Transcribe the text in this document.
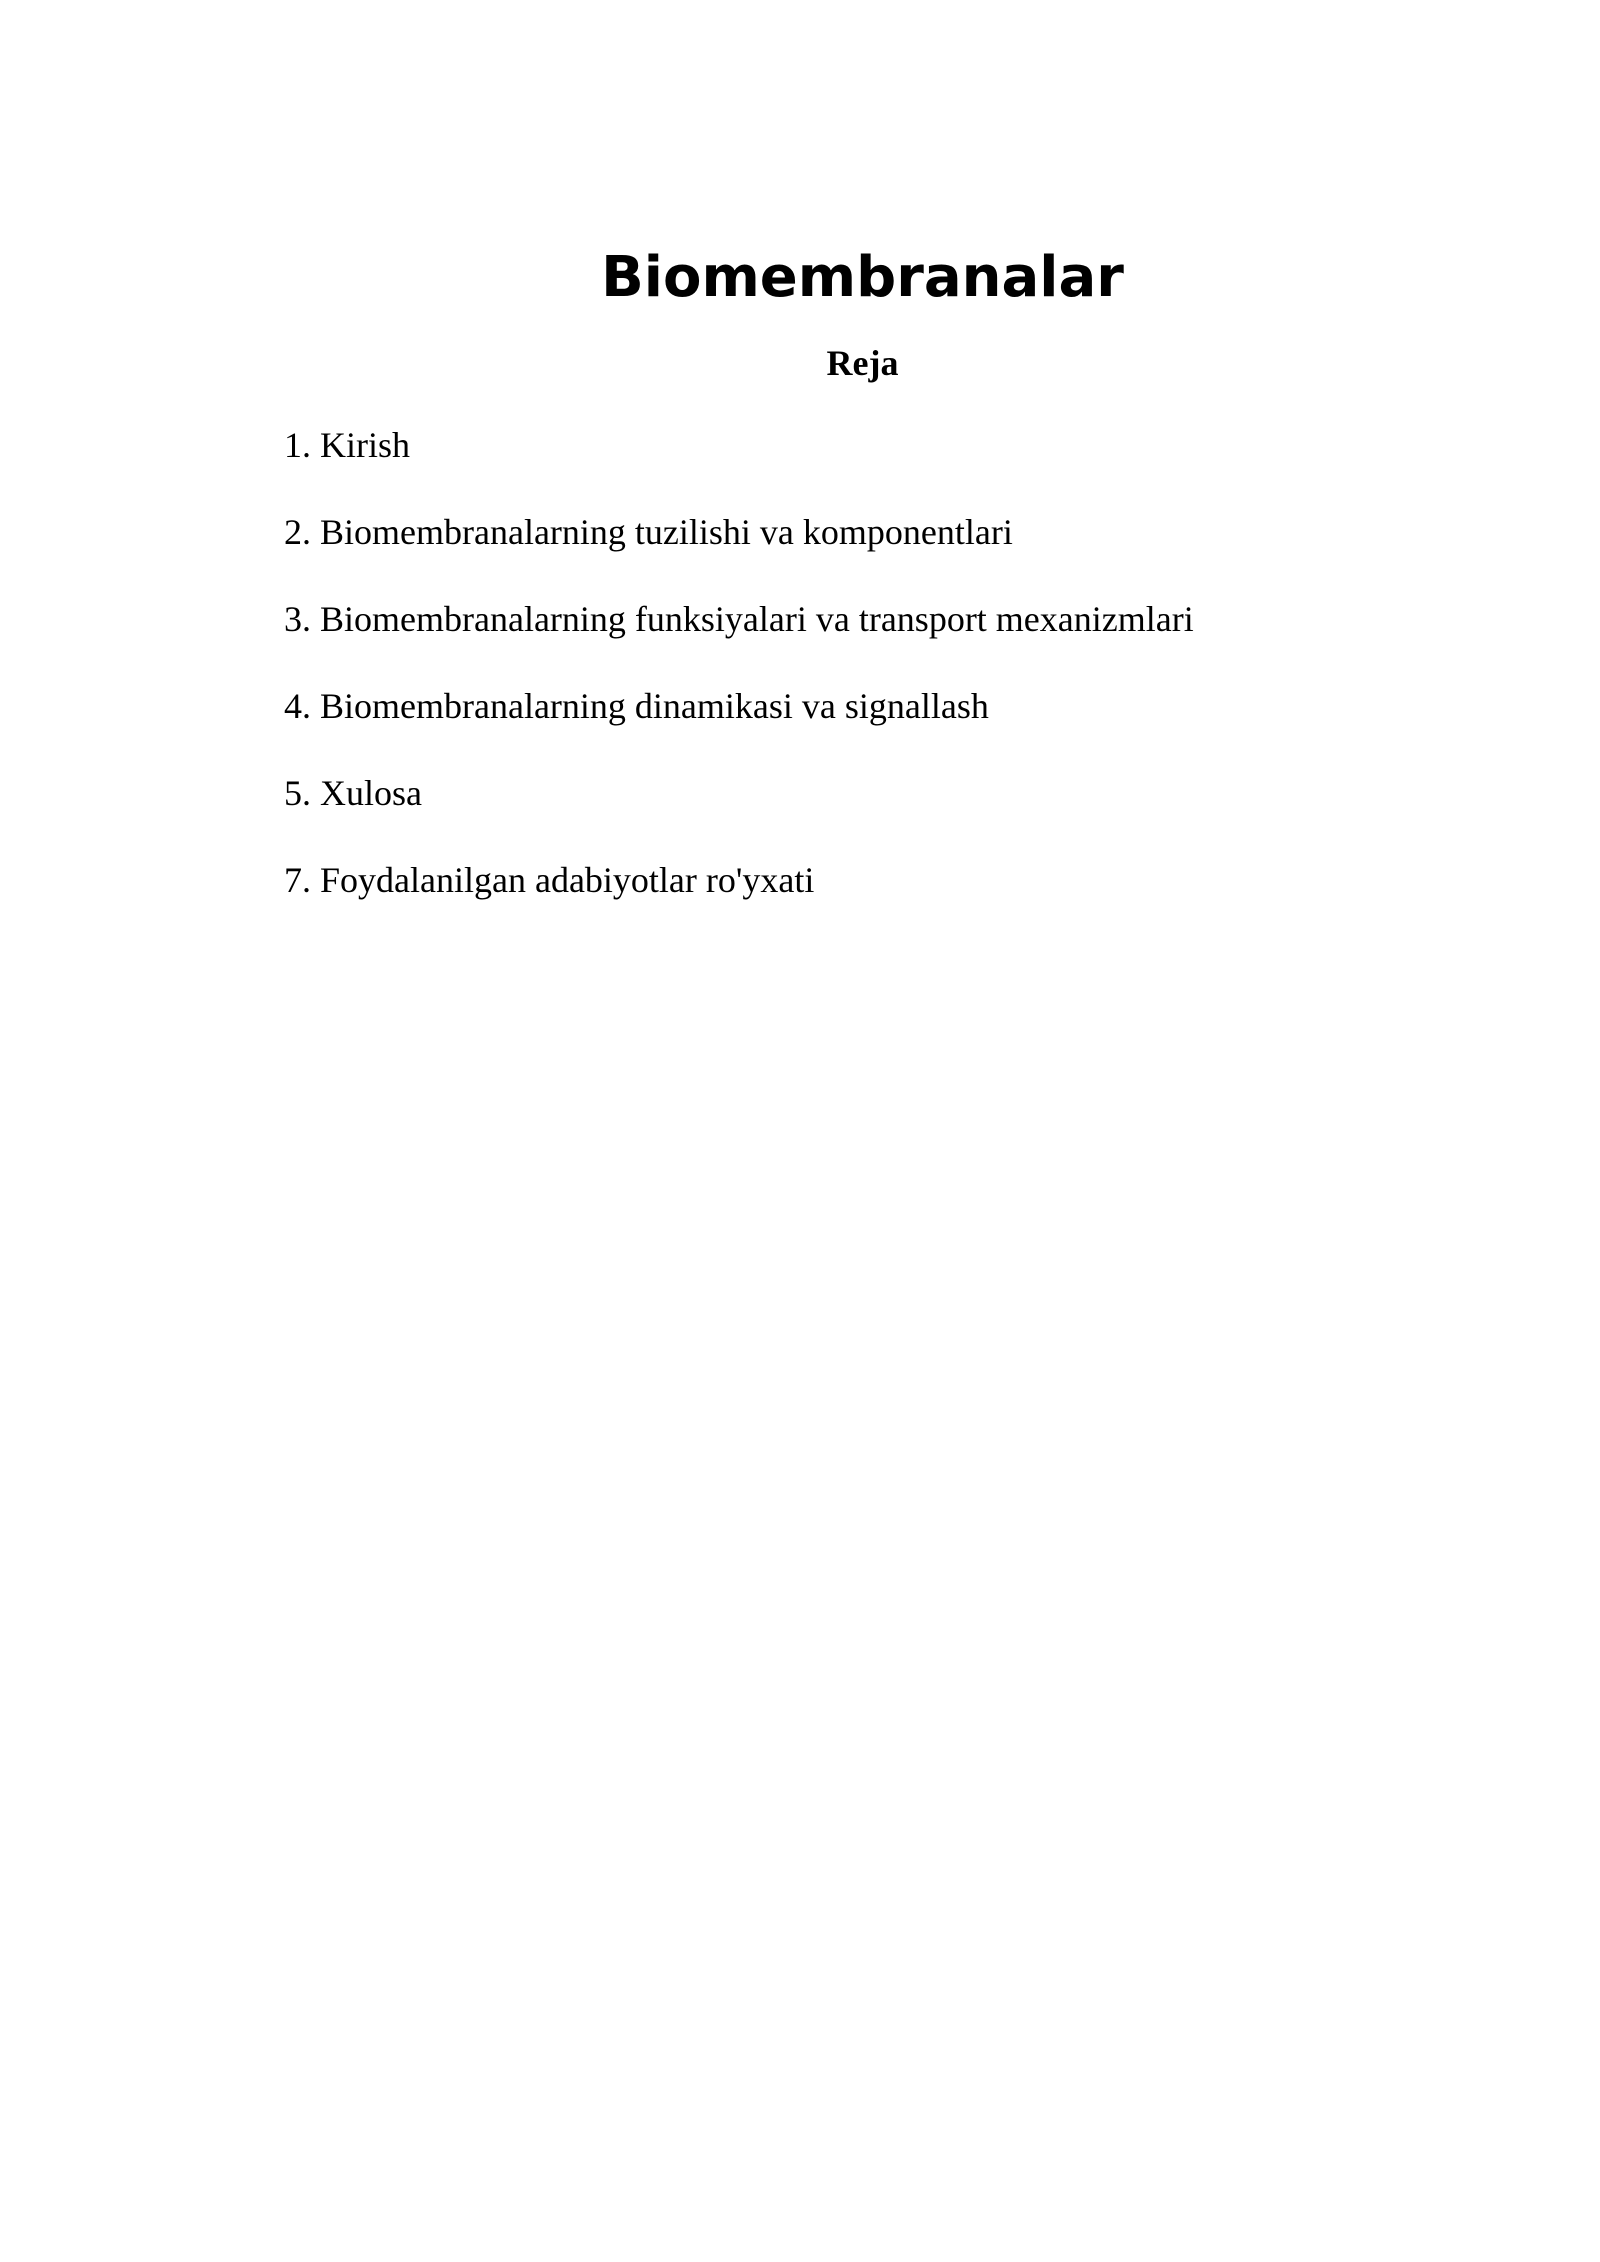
Biomembranalar
Reja
1. Kirish
2. Biomembranalarning tuzilishi va komponentlari
3. Biomembranalarning funksiyalari va transport mexanizmlari
4. Biomembranalarning dinamikasi va signallash
5. Xulosa
7. Foydalanilgan adabiyotlar ro'yxati
